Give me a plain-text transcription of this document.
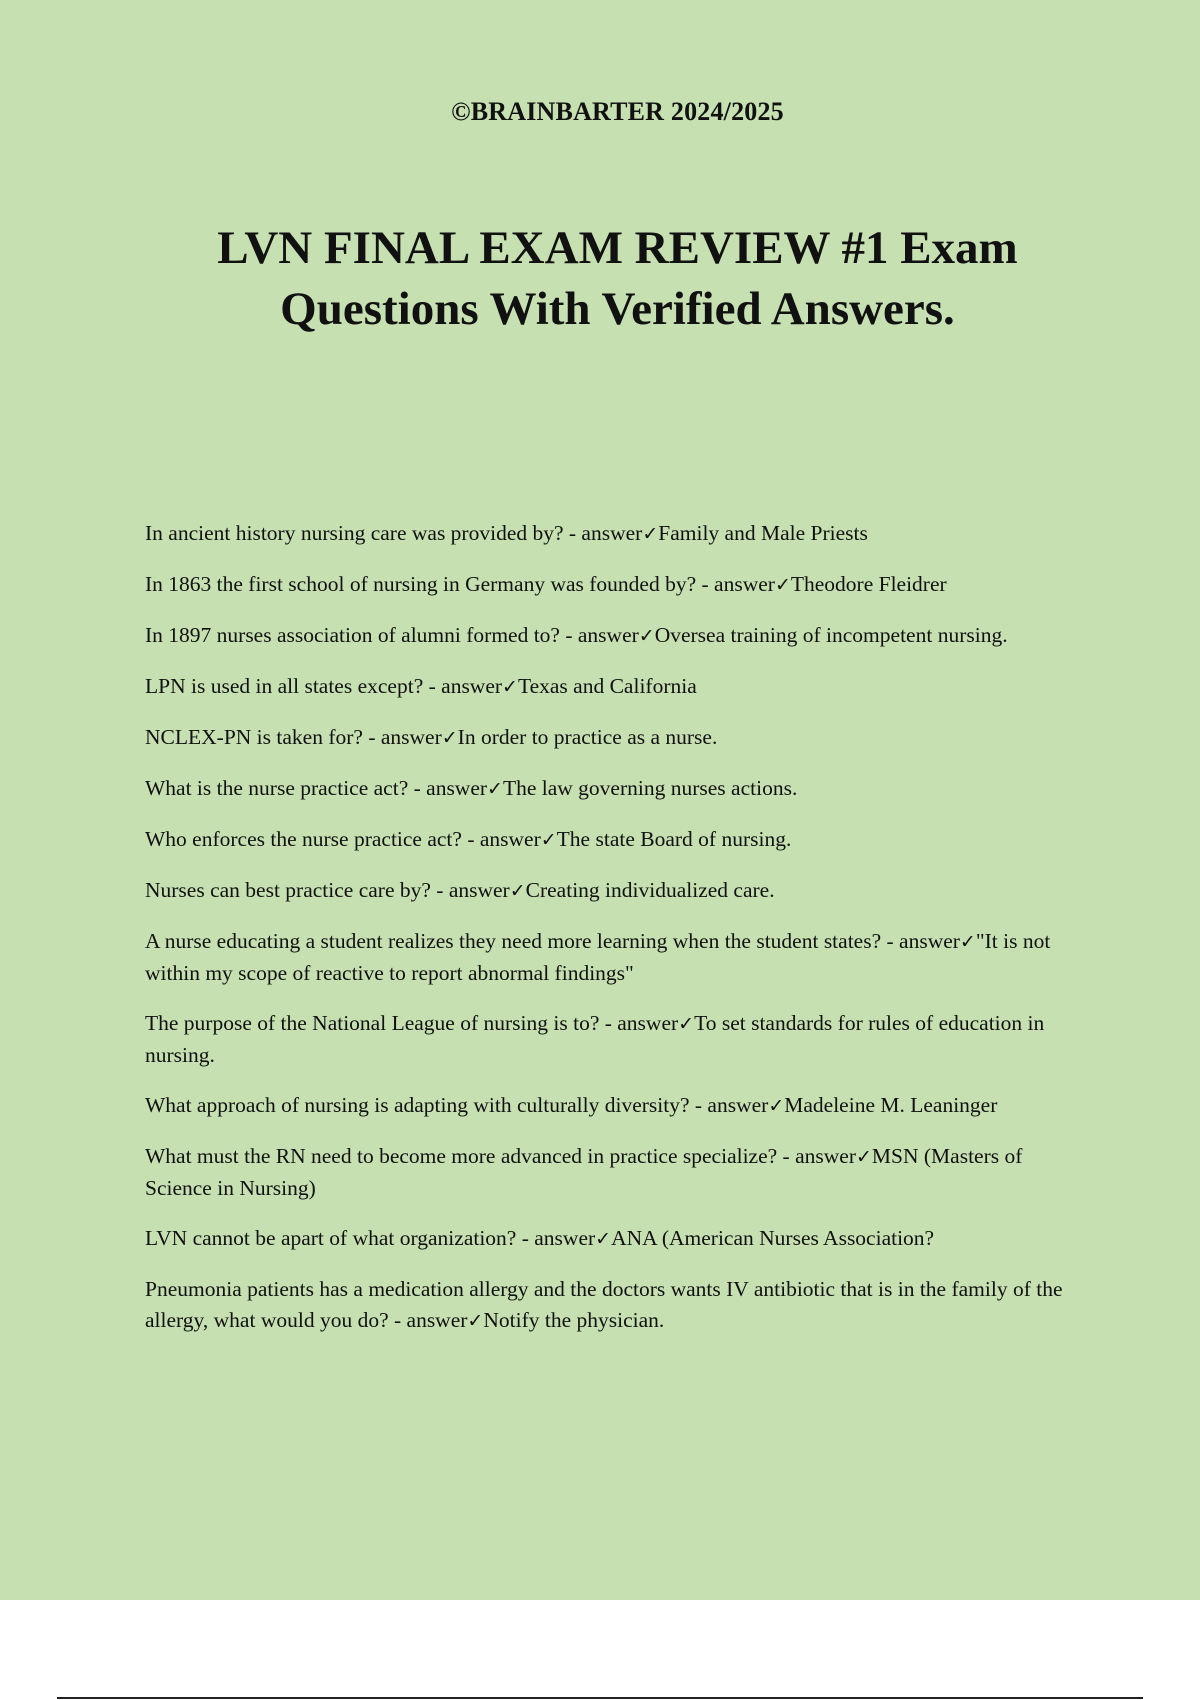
©BRAINBARTER 2024/2025
LVN FINAL EXAM REVIEW #1 Exam
Questions With Verified Answers.
In ancient history nursing care was provided by? - answer✓Family and Male Priests
In 1863 the first school of nursing in Germany was founded by? - answer✓Theodore Fleidrer
In 1897 nurses association of alumni formed to? - answer✓Oversea training of incompetent nursing.
LPN is used in all states except? - answer✓Texas and California
NCLEX-PN is taken for? - answer✓In order to practice as a nurse.
What is the nurse practice act? - answer✓The law governing nurses actions.
Who enforces the nurse practice act? - answer✓The state Board of nursing.
Nurses can best practice care by? - answer✓Creating individualized care.
A nurse educating a student realizes they need more learning when the student states? - answer✓"It is not within my scope of reactive to report abnormal findings"
The purpose of the National League of nursing is to? - answer✓To set standards for rules of education in nursing.
What approach of nursing is adapting with culturally diversity? - answer✓Madeleine M. Leaninger
What must the RN need to become more advanced in practice specialize? - answer✓MSN (Masters of Science in Nursing)
LVN cannot be apart of what organization? - answer✓ANA (American Nurses Association?
Pneumonia patients has a medication allergy and the doctors wants IV antibiotic that is in the family of the allergy, what would you do? - answer✓Notify the physician.
